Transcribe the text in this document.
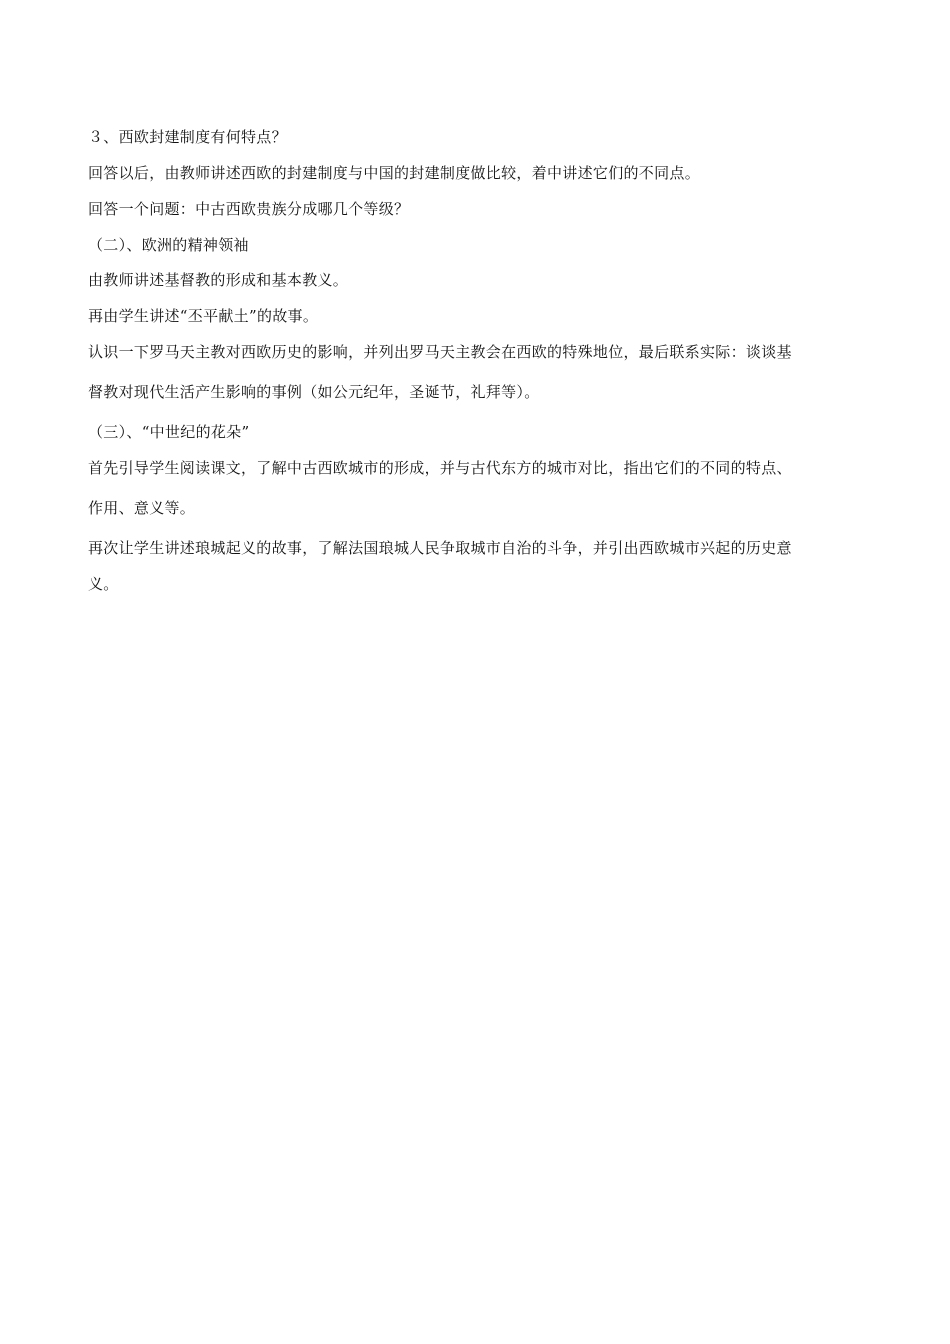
３、西欧封建制度有何特点？
回答以后，由教师讲述西欧的封建制度与中国的封建制度做比较，着中讲述它们的不同点。
回答一个问题：中古西欧贵族分成哪几个等级？
（二）、欧洲的精神领袖
由教师讲述基督教的形成和基本教义。
再由学生讲述“丕平献土”的故事。
认识一下罗马天主教对西欧历史的影响，并列出罗马天主教会在西欧的特殊地位，最后联系实际：谈谈基
督教对现代生活产生影响的事例（如公元纪年，圣诞节，礼拜等）。
（三）、“中世纪的花朵”
首先引导学生阅读课文，了解中古西欧城市的形成，并与古代东方的城市对比，指出它们的不同的特点、
作用、意义等。
再次让学生讲述琅城起义的故事，了解法国琅城人民争取城市自治的斗争，并引出西欧城市兴起的历史意
义。
